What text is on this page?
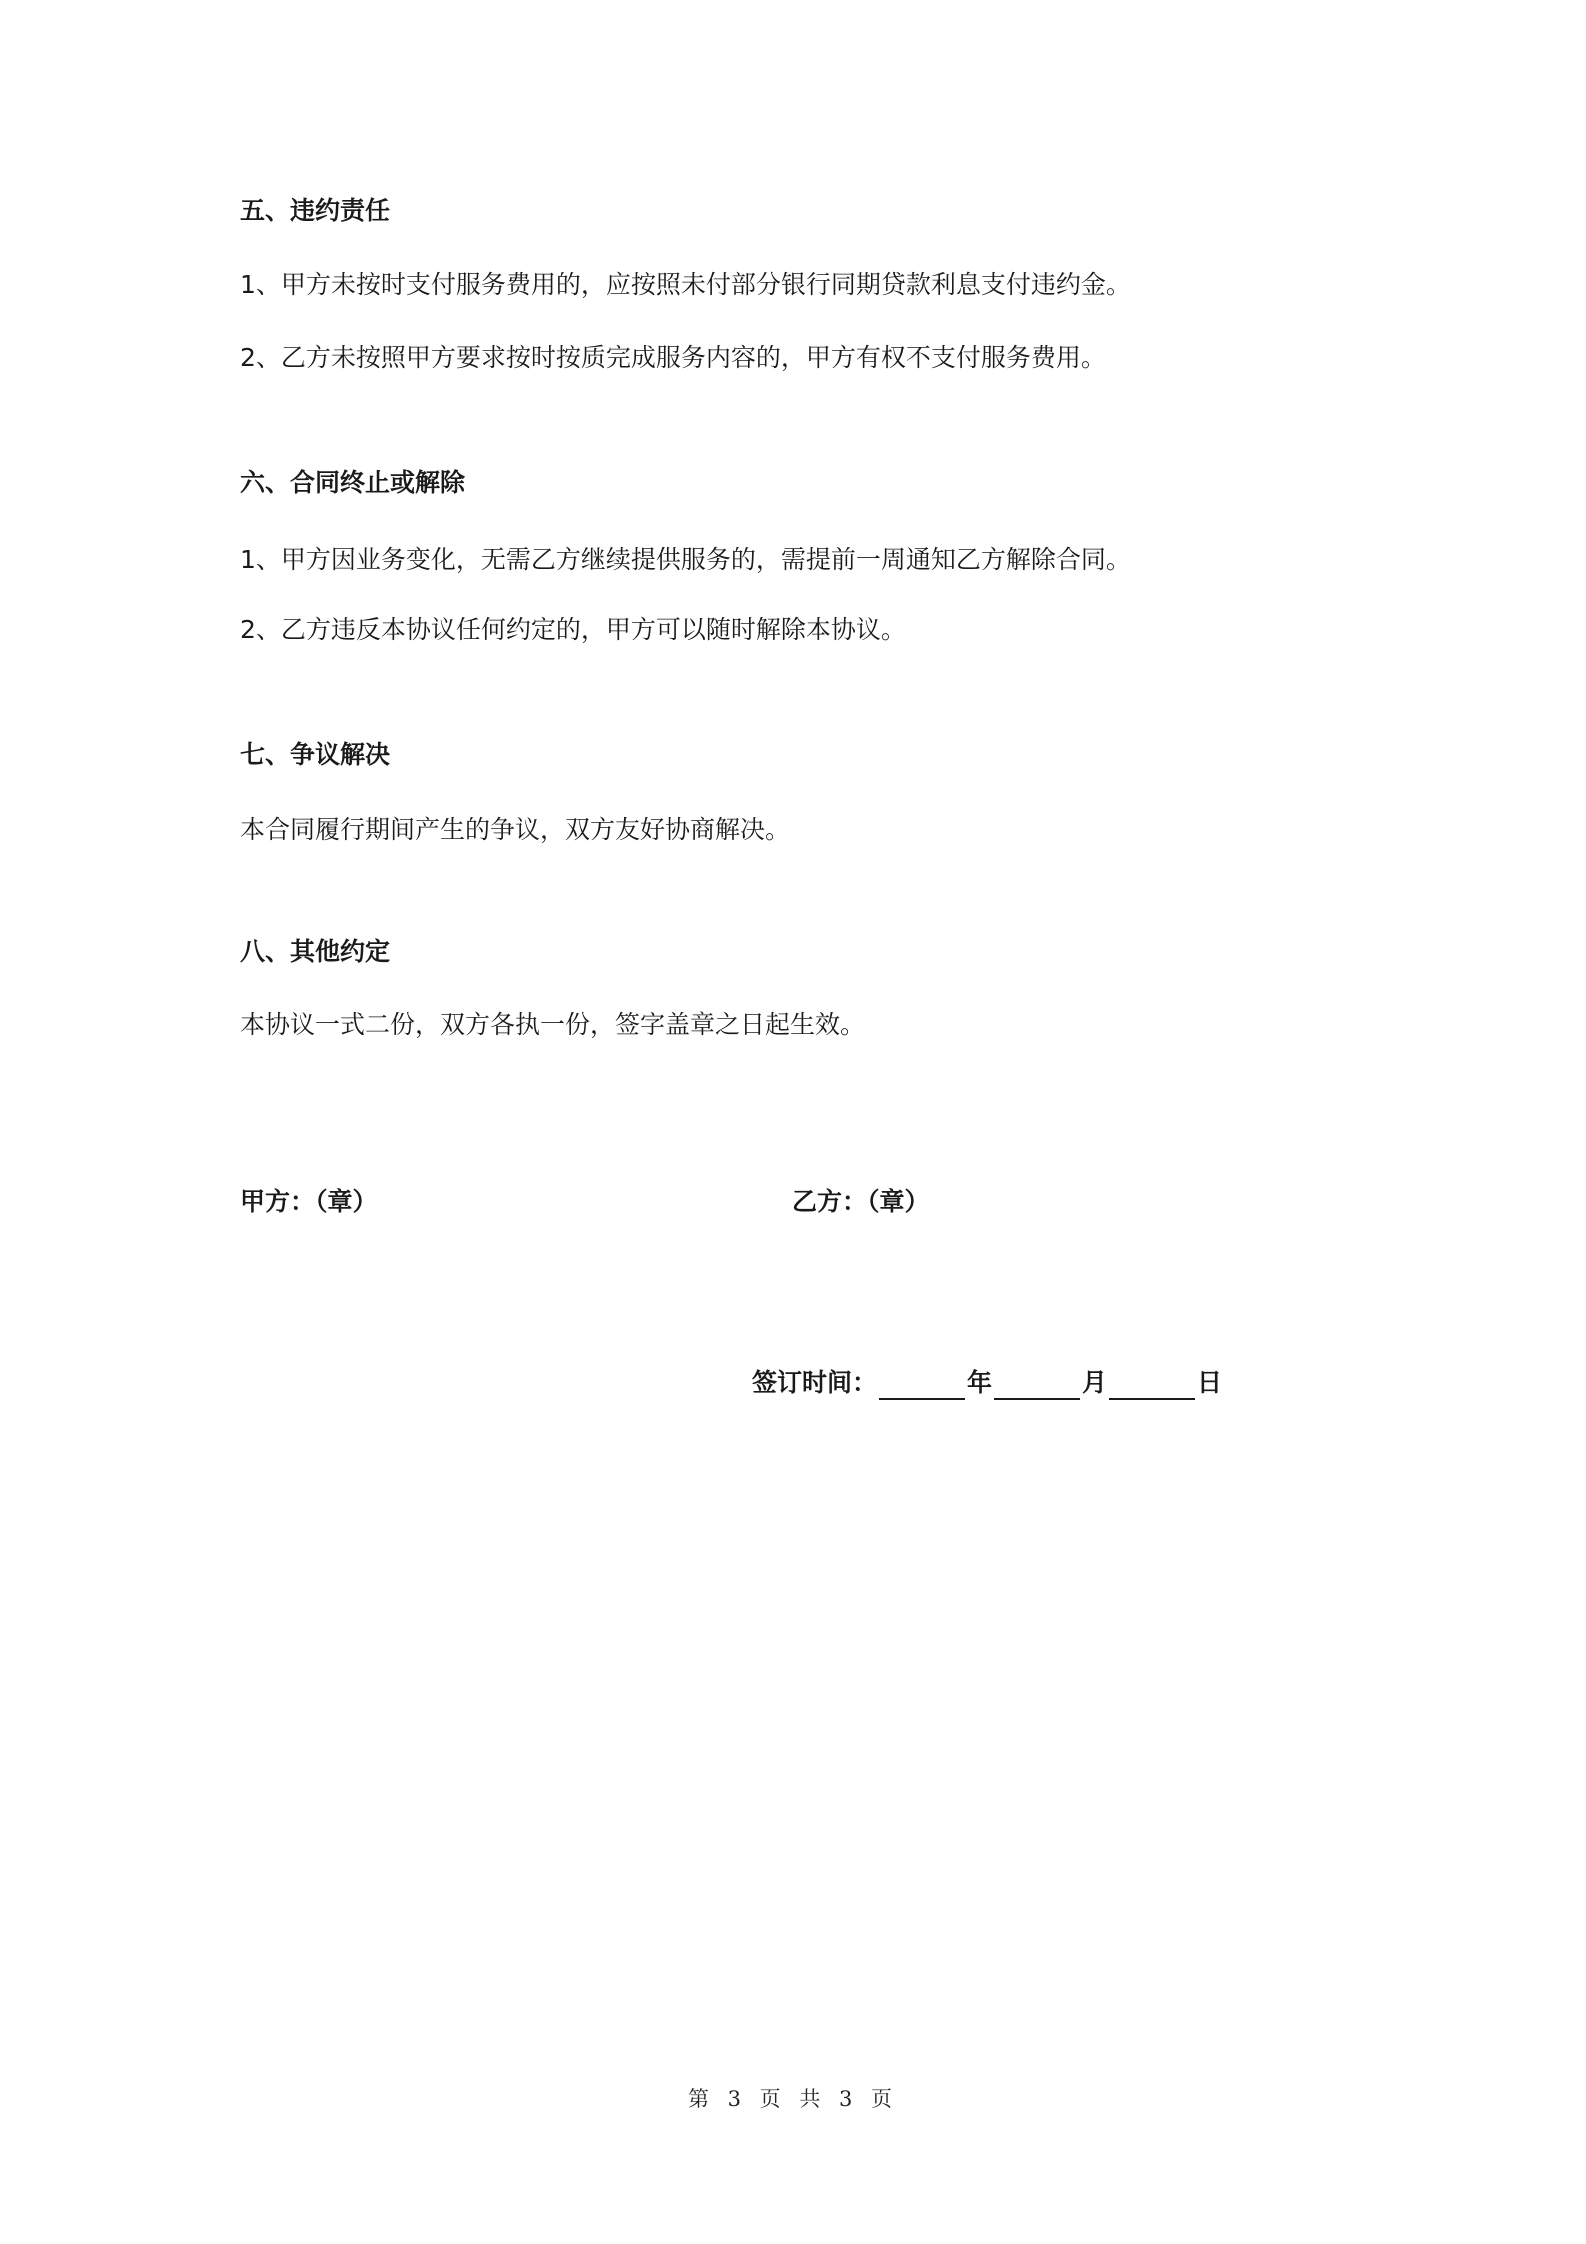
五、违约责任
1、甲方未按时支付服务费用的，应按照未付部分银行同期贷款利息支付违约金。
2、乙方未按照甲方要求按时按质完成服务内容的，甲方有权不支付服务费用。
六、合同终止或解除
1、甲方因业务变化，无需乙方继续提供服务的，需提前一周通知乙方解除合同。
2、乙方违反本协议任何约定的，甲方可以随时解除本协议。
七、争议解决
本合同履行期间产生的争议，双方友好协商解决。
八、其他约定
本协议一式二份，双方各执一份，签字盖章之日起生效。
甲方：（章）	乙方：（章）
签订时间：	年	月	日
第 3 页 共 3 页
